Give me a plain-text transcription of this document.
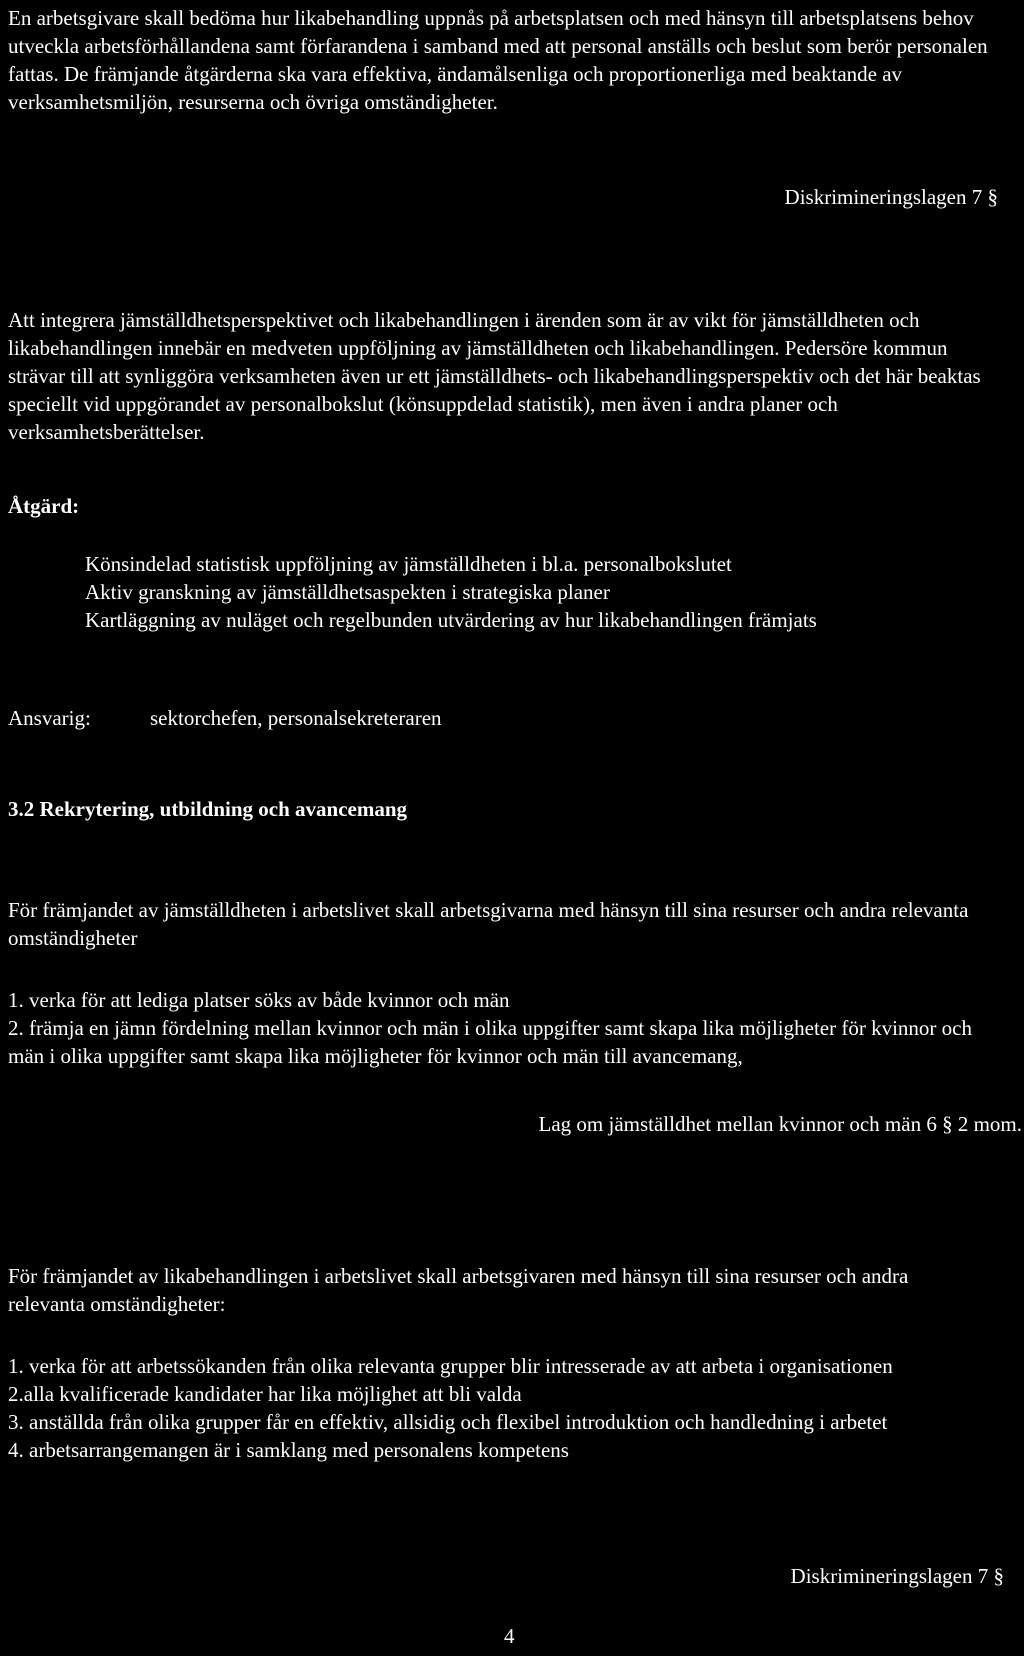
En arbetsgivare skall bedöma hur likabehandling uppnås på arbetsplatsen och med hänsyn till arbetsplatsens behov utveckla arbetsförhållandena samt förfarandena i samband med att personal anställs och beslut som berör personalen fattas. De främjande åtgärderna ska vara effektiva, ändamålsenliga och proportionerliga med beaktande av verksamhetsmiljön, resurserna och övriga omständigheter.

Diskrimineringslagen 7 §

Att integrera jämställdhetsperspektivet och likabehandlingen i ärenden som är av vikt för jämställdheten och likabehandlingen innebär en medveten uppföljning av jämställdheten och likabehandlingen. Pedersöre kommun strävar till att synliggöra verksamheten även ur ett jämställdhets- och likabehandlingsperspektiv och det här beaktas speciellt vid uppgörandet av personalbokslut (könsuppdelad statistik), men även i andra planer och verksamhetsberättelser.

Åtgärd:

Könsindelad statistisk uppföljning av jämställdheten i bl.a. personalbokslutet
Aktiv granskning av jämställdhetsaspekten i strategiska planer
Kartläggning av nuläget och regelbunden utvärdering av hur likabehandlingen främjats

Ansvarig:	sektorchefen, personalsekreteraren

3.2 Rekrytering, utbildning och avancemang

För främjandet av jämställdheten i arbetslivet skall arbetsgivarna med hänsyn till sina resurser och andra relevanta omständigheter

1. verka för att lediga platser söks av både kvinnor och män
2. främja en jämn fördelning mellan kvinnor och män i olika uppgifter samt skapa lika möjligheter för kvinnor och män i olika uppgifter samt skapa lika möjligheter för kvinnor och män till avancemang,

Lag om jämställdhet mellan kvinnor och män 6 § 2 mom.

För främjandet av likabehandlingen i arbetslivet skall arbetsgivaren med hänsyn till sina resurser och andra relevanta omständigheter:

1. verka för att arbetssökanden från olika relevanta grupper blir intresserade av att arbeta i organisationen
2.alla kvalificerade kandidater har lika möjlighet att bli valda
3. anställda från olika grupper får en effektiv, allsidig och flexibel introduktion och handledning i arbetet
4. arbetsarrangemangen är i samklang med personalens kompetens

Diskrimineringslagen 7 §

4
